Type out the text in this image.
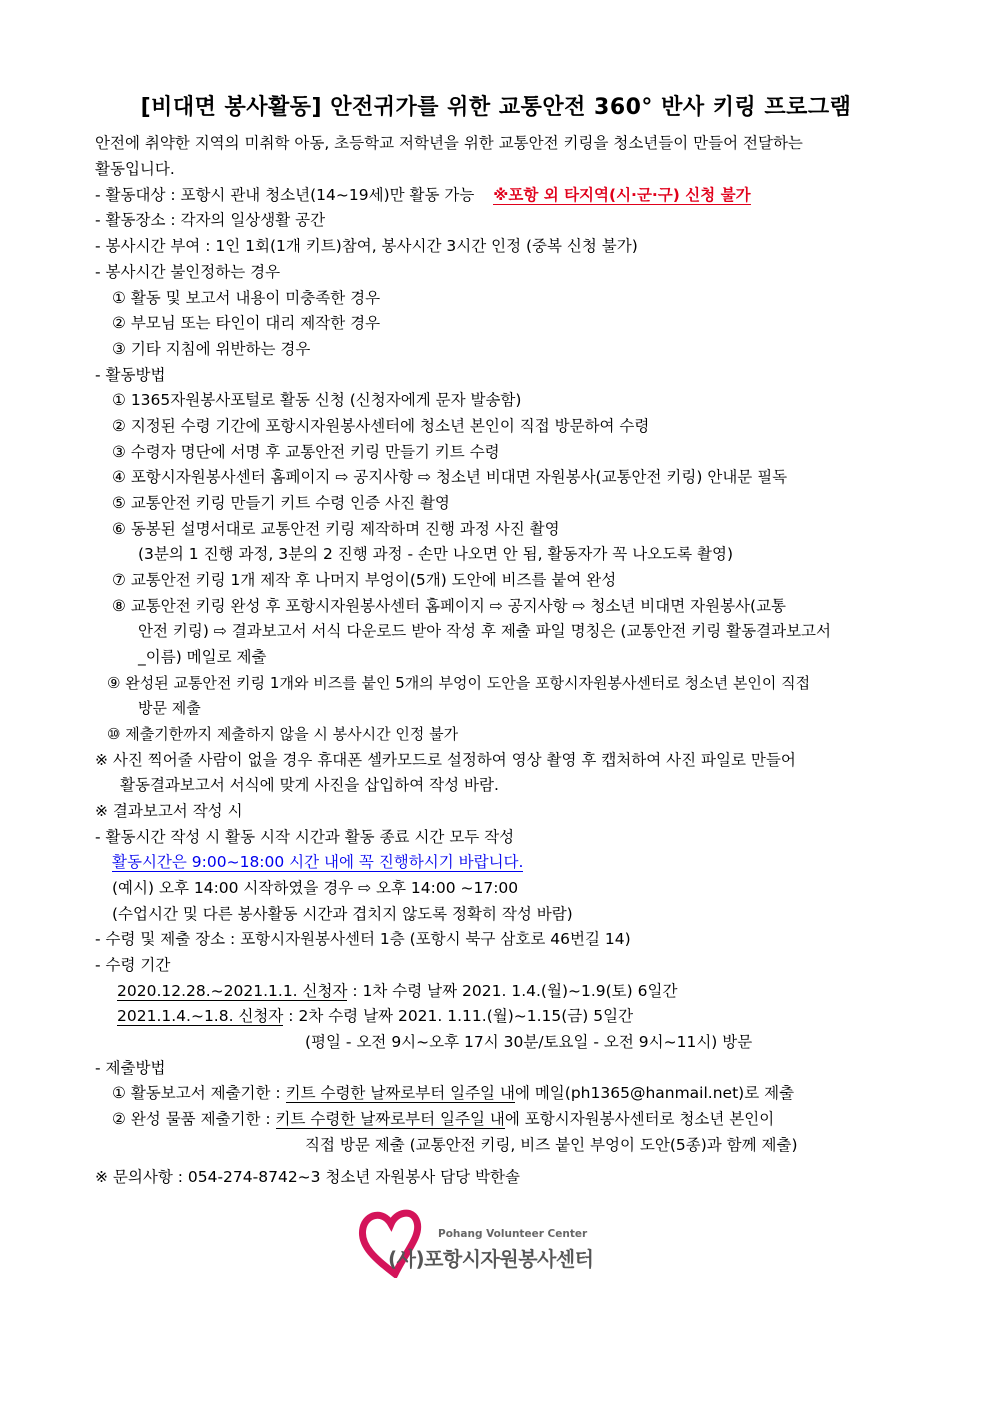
[비대면 봉사활동] 안전귀가를 위한 교통안전 360° 반사 키링 프로그램
안전에 취약한 지역의 미취학 아동, 초등학교 저학년을 위한 교통안전 키링을 청소년들이 만들어 전달하는
활동입니다.
- 활동대상 : 포항시 관내 청소년(14~19세)만 활동 가능 ※포항 외 타지역(시·군·구) 신청 불가
- 활동장소 : 각자의 일상생활 공간
- 봉사시간 부여 : 1인 1회(1개 키트)참여, 봉사시간 3시간 인정 (중복 신청 불가)
- 봉사시간 불인정하는 경우
① 활동 및 보고서 내용이 미충족한 경우
② 부모님 또는 타인이 대리 제작한 경우
③ 기타 지침에 위반하는 경우
- 활동방법
① 1365자원봉사포털로 활동 신청 (신청자에게 문자 발송함)
② 지정된 수령 기간에 포항시자원봉사센터에 청소년 본인이 직접 방문하여 수령
③ 수령자 명단에 서명 후 교통안전 키링 만들기 키트 수령
④ 포항시자원봉사센터 홈페이지 ⇨ 공지사항 ⇨ 청소년 비대면 자원봉사(교통안전 키링) 안내문 필독
⑤ 교통안전 키링 만들기 키트 수령 인증 사진 촬영
⑥ 동봉된 설명서대로 교통안전 키링 제작하며 진행 과정 사진 촬영
(3분의 1 진행 과정, 3분의 2 진행 과정 - 손만 나오면 안 됨, 활동자가 꼭 나오도록 촬영)
⑦ 교통안전 키링 1개 제작 후 나머지 부엉이(5개) 도안에 비즈를 붙여 완성
⑧ 교통안전 키링 완성 후 포항시자원봉사센터 홈페이지 ⇨ 공지사항 ⇨ 청소년 비대면 자원봉사(교통
안전 키링) ⇨ 결과보고서 서식 다운로드 받아 작성 후 제출 파일 명칭은 (교통안전 키링 활동결과보고서
_이름) 메일로 제출
⑨ 완성된 교통안전 키링 1개와 비즈를 붙인 5개의 부엉이 도안을 포항시자원봉사센터로 청소년 본인이 직접
방문 제출
⑩ 제출기한까지 제출하지 않을 시 봉사시간 인정 불가
※ 사진 찍어줄 사람이 없을 경우 휴대폰 셀카모드로 설정하여 영상 촬영 후 캡처하여 사진 파일로 만들어
활동결과보고서 서식에 맞게 사진을 삽입하여 작성 바람.
※ 결과보고서 작성 시
- 활동시간 작성 시 활동 시작 시간과 활동 종료 시간 모두 작성
활동시간은 9:00~18:00 시간 내에 꼭 진행하시기 바랍니다.
(예시) 오후 14:00 시작하였을 경우 ⇨ 오후 14:00 ~17:00
(수업시간 및 다른 봉사활동 시간과 겹치지 않도록 정확히 작성 바람)
- 수령 및 제출 장소 : 포항시자원봉사센터 1층 (포항시 북구 삼호로 46번길 14)
- 수령 기간
2020.12.28.~2021.1.1. 신청자 : 1차 수령 날짜 2021. 1.4.(월)~1.9(토) 6일간
2021.1.4.~1.8. 신청자 : 2차 수령 날짜 2021. 1.11.(월)~1.15(금) 5일간
(평일 - 오전 9시~오후 17시 30분/토요일 - 오전 9시~11시) 방문
- 제출방법
① 활동보고서 제출기한 : 키트 수령한 날짜로부터 일주일 내에 메일(ph1365@hanmail.net)로 제출
② 완성 물품 제출기한 : 키트 수령한 날짜로부터 일주일 내에 포항시자원봉사센터로 청소년 본인이
직접 방문 제출 (교통안전 키링, 비즈 붙인 부엉이 도안(5종)과 함께 제출)
※ 문의사항 : 054-274-8742~3 청소년 자원봉사 담당 박한솔
Pohang Volunteer Center
(사)포항시자원봉사센터
